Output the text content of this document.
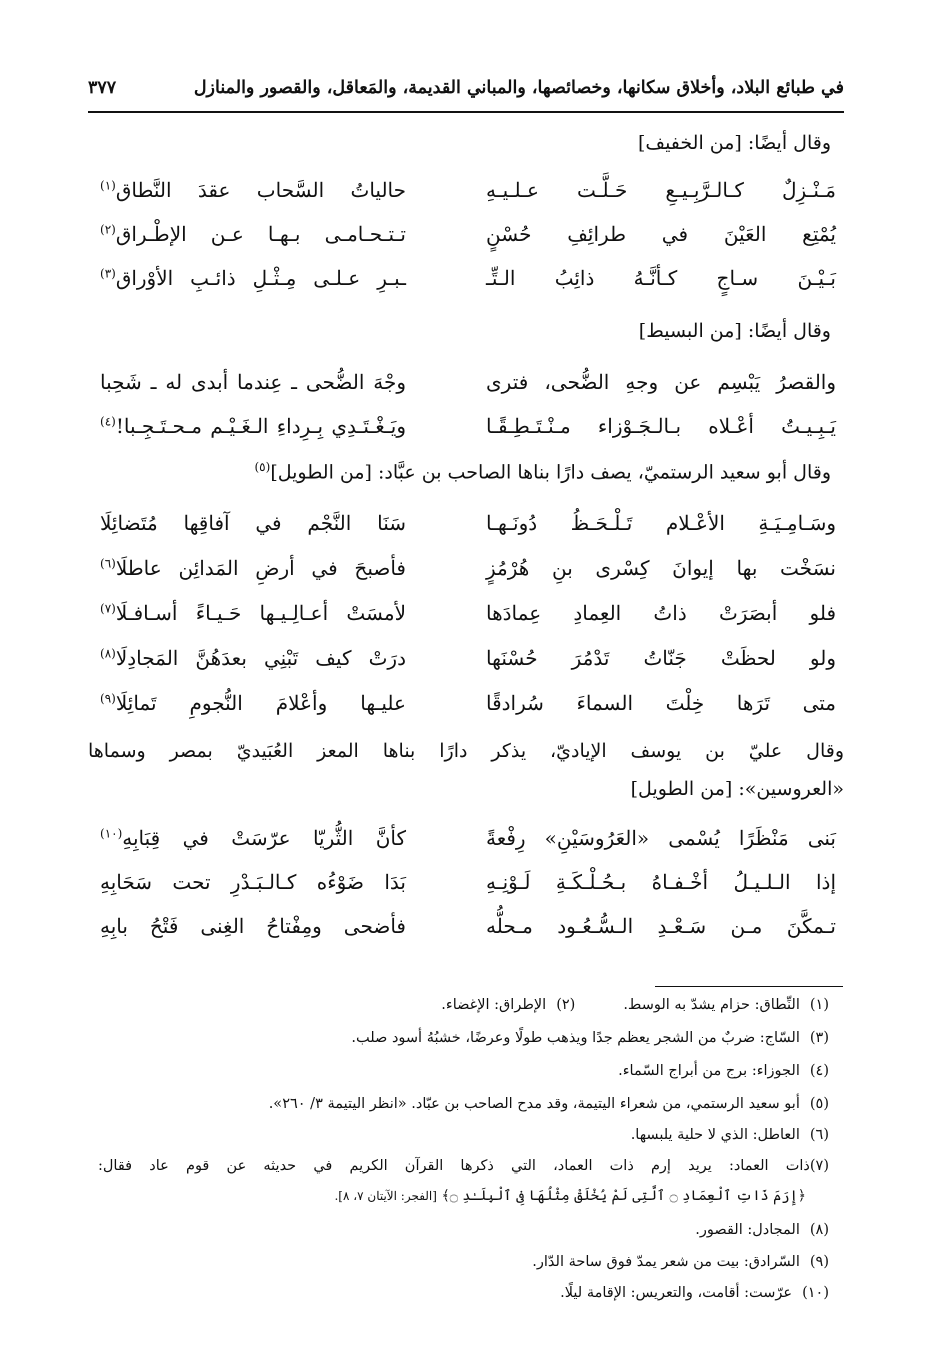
في طبائع البلاد، وأخلاق سكانها، وخصائصها، والمباني القديمة، والمَعاقل، والقصور والمنازل
٣٧٧
وقال أيضًا: [من الخفيف]
مَـنْـزِلٌ كـالـرَّبِـيـعِ حَـلَّـت عـلـيـهِ
حالياتُ السَّحاب عقدَ النَّطاق$^{(١)}$
يُمْتِع العَيْنَ في طرائِفِ حُسْنٍ
تـتـحـامـى بـهـا عـن الإطْـراق$^{(٢)}$
بَـيْـنَ سـاجٍ كـأنَّـهُ ذائِبُ الـتِّـ
ـبـرِ عـلـى مِـثْـلِ ذائـبِ الأوْراق$^{(٣)}$
وقال أيضًا: [من البسيط]
والقصرُ يَبْسِم عن وجهِ الضُّحى، فترى
وجْهَ الضُّحى ـ عِندما أبدى له ـ شَحِبا
يَـبِـيـتُ أعْـلاه بـالـجَـوْزاء مـنْـتَـطِـقًـا
ويَـغْـتَـدِي بِـرِداءِ الـغَـيْـم مـحـتَـجِـبا!$^{(٤)}$
وقال أبو سعيد الرستميّ، يصف دارًا بناها الصاحب بن عبَّاد: [من الطويل]$^{(٥)}$
وسَـامِـيَـةِ الأعْـلام تَـلْـحَـظُ دُونَـهـا
سَنَا النَّجْم في آفاقِها مُتَضائِلَا
نسَخْت بها إيوانَ كِسْرى بنِ هُرْمُزٍ
فأصبحَ في أرضِ المَدائِن عاطلَا$^{(٦)}$
فلو أبصَرَتْ ذاتُ العِمادِ عِمادَها
لأمسَتْ أعـالِـيـها حَـيـاءً أسـافـلَا$^{(٧)}$
ولو لحظَتْ جَنّاتُ تَدْمُرَ حُسْنَها
درَتْ كيف تَبْنِي بعدَهُنَّ المَجادِلَا$^{(٨)}$
متى تَرَها خِلْتَ السماءَ سُرادقًا
عليـها وأعْلامَ النُّجومِ تَمائِلَا$^{(٩)}$
وقال عليّ بن يوسف الإياديّ، يذكر دارًا بناها المعز العُبَيديّ بمصر وسماها
«العروسين»: [من الطويل]
بَنى مَنْظَرًا يُسْمى «العَرُوسَيْنِ» رِفْعةً
كأنَّ الثُّريّا عرّسَتْ في قِبَابِهِ$^{(١٠)}$
إذا الـلـيـلُ أخْـفـاهُ بـحُـلْـكَـةِ لَـوْنِـهِ
بَدَا ضَوْءُه كـالـبَـدْرِ تحت سَحَابِهِ
تـمكَّنَ مـن سَـعْـدِ الـسُّـعُـود مـحلُّه
فأضحى ومِفْتاحُ الغِنى فَتْحُ بابِهِ
(١)النِّطاق: حزام يشدّ به الوسط.(٢)الإطراق: الإغضاء.
(٣)السّاج: ضربٌ من الشجر يعظم جدًا ويذهب طولًا وعرضًا، خشبُهُ أسود صلب.
(٤)الجوزاء: برج من أبراج السّماء.
(٥)أبو سعيد الرستمي، من شعراء اليتيمة، وقد مدح الصاحب بن عبّاد. «انظر اليتيمة ٣/ ٢٦٠».
(٦)العاطل: الذي لا حلية يلبسها.
(٧)ذات العماد: يريد إرم ذات العماد، التي ذكرها القرآن الكريم في حديثه عن قوم عاد فقال:
﴿إِرَمَ ذَاتِ ٱلْعِمَادِ ۝ ٱلَّتِى لَمْ يُخْلَقْ مِثْلُهَا فِى ٱلْبِلَـٰدِ ۝﴾ [الفجر: الآيتان ٧، ٨].
(٨)المجادل: القصور.
(٩)السّرادق: بيت من شعر يمدّ فوق ساحة الدّار.
(١٠)عرّست: أقامت، والتعريس: الإقامة ليلًا.
